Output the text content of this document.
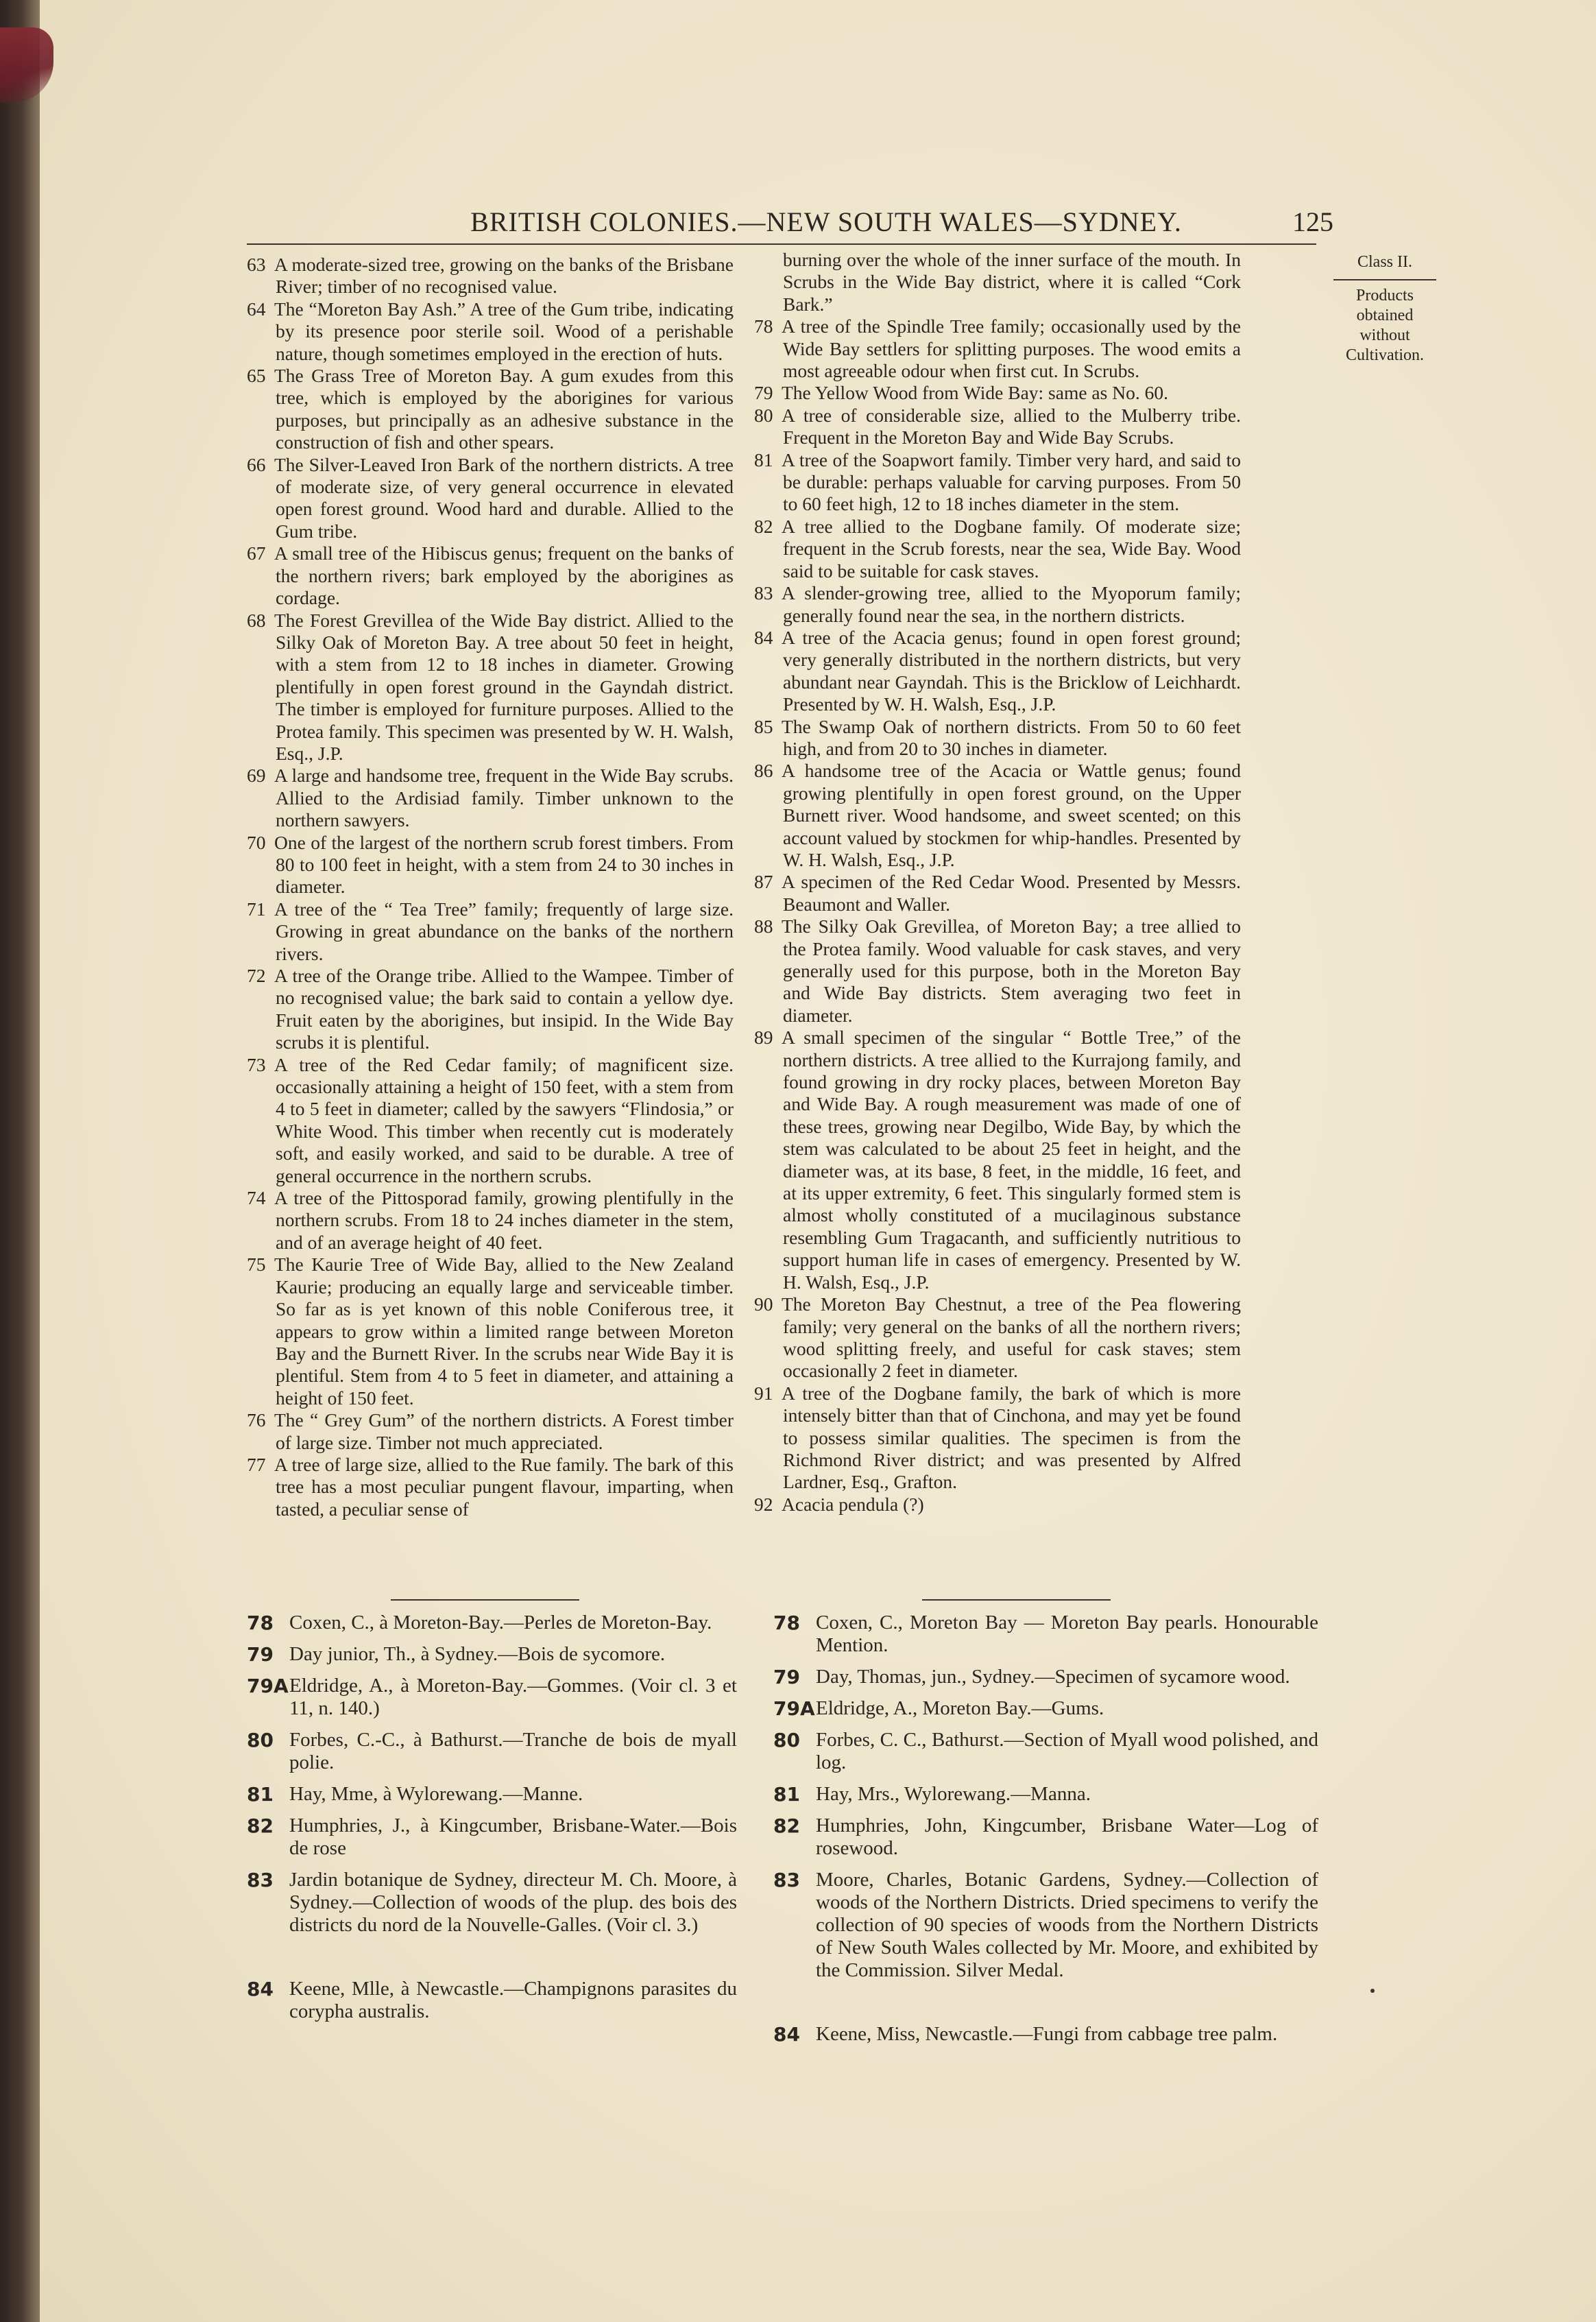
BRITISH COLONIES.—NEW SOUTH WALES—SYDNEY.	125
Class II.
Products
obtained
without
Cultivation.

63 A moderate-sized tree, growing on the banks of the Brisbane River; timber of no recognised value.

64 The “Moreton Bay Ash.” A tree of the Gum tribe, indicating by its presence poor sterile soil. Wood of a perishable nature, though sometimes employed in the erection of huts.

65 The Grass Tree of Moreton Bay. A gum exudes from this tree, which is employed by the aborigines for various purposes, but principally as an adhesive substance in the construction of fish and other spears.

66 The Silver-Leaved Iron Bark of the northern districts. A tree of moderate size, of very general occurrence in elevated open forest ground. Wood hard and durable. Allied to the Gum tribe.

67 A small tree of the Hibiscus genus; frequent on the banks of the northern rivers; bark employed by the aborigines as cordage.

68 The Forest Grevillea of the Wide Bay district. Allied to the Silky Oak of Moreton Bay. A tree about 50 feet in height, with a stem from 12 to 18 inches in diameter. Growing plentifully in open forest ground in the Gayndah district. The timber is employed for furniture purposes. Allied to the Protea family. This specimen was presented by W. H. Walsh, Esq., J.P.

69 A large and handsome tree, frequent in the Wide Bay scrubs. Allied to the Ardisiad family. Timber unknown to the northern sawyers.

70 One of the largest of the northern scrub forest timbers. From 80 to 100 feet in height, with a stem from 24 to 30 inches in diameter.

71 A tree of the “ Tea Tree” family; frequently of large size. Growing in great abundance on the banks of the northern rivers.

72 A tree of the Orange tribe. Allied to the Wampee. Timber of no recognised value; the bark said to contain a yellow dye. Fruit eaten by the aborigines, but insipid. In the Wide Bay scrubs it is plentiful.

73 A tree of the Red Cedar family; of magnificent size. occasionally attaining a height of 150 feet, with a stem from 4 to 5 feet in diameter; called by the sawyers “Flindosia,” or White Wood. This timber when recently cut is moderately soft, and easily worked, and said to be durable. A tree of general occurrence in the northern scrubs.

74 A tree of the Pittosporad family, growing plentifully in the northern scrubs. From 18 to 24 inches diameter in the stem, and of an average height of 40 feet.

75 The Kaurie Tree of Wide Bay, allied to the New Zealand Kaurie; producing an equally large and serviceable timber. So far as is yet known of this noble Coniferous tree, it appears to grow within a limited range between Moreton Bay and the Burnett River. In the scrubs near Wide Bay it is plentiful. Stem from 4 to 5 feet in diameter, and attaining a height of 150 feet.

76 The “ Grey Gum” of the northern districts. A Forest timber of large size. Timber not much appreciated.

77 A tree of large size, allied to the Rue family. The bark of this tree has a most peculiar pungent flavour, imparting, when tasted, a peculiar sense of

burning over the whole of the inner surface of the mouth. In Scrubs in the Wide Bay district, where it is called “Cork Bark.”

78 A tree of the Spindle Tree family; occasionally used by the Wide Bay settlers for splitting purposes. The wood emits a most agreeable odour when first cut. In Scrubs.

79 The Yellow Wood from Wide Bay: same as No. 60.

80 A tree of considerable size, allied to the Mulberry tribe. Frequent in the Moreton Bay and Wide Bay Scrubs.

81 A tree of the Soapwort family. Timber very hard, and said to be durable: perhaps valuable for carving purposes. From 50 to 60 feet high, 12 to 18 inches diameter in the stem.

82 A tree allied to the Dogbane family. Of moderate size; frequent in the Scrub forests, near the sea, Wide Bay. Wood said to be suitable for cask staves.

83 A slender-growing tree, allied to the Myoporum family; generally found near the sea, in the northern districts.

84 A tree of the Acacia genus; found in open forest ground; very generally distributed in the northern districts, but very abundant near Gayndah. This is the Bricklow of Leichhardt. Presented by W. H. Walsh, Esq., J.P.

85 The Swamp Oak of northern districts. From 50 to 60 feet high, and from 20 to 30 inches in diameter.

86 A handsome tree of the Acacia or Wattle genus; found growing plentifully in open forest ground, on the Upper Burnett river. Wood handsome, and sweet scented; on this account valued by stockmen for whip-handles. Presented by W. H. Walsh, Esq., J.P.

87 A specimen of the Red Cedar Wood. Presented by Messrs. Beaumont and Waller.

88 The Silky Oak Grevillea, of Moreton Bay; a tree allied to the Protea family. Wood valuable for cask staves, and very generally used for this purpose, both in the Moreton Bay and Wide Bay districts. Stem averaging two feet in diameter.

89 A small specimen of the singular “ Bottle Tree,” of the northern districts. A tree allied to the Kurrajong family, and found growing in dry rocky places, between Moreton Bay and Wide Bay. A rough measurement was made of one of these trees, growing near Degilbo, Wide Bay, by which the stem was calculated to be about 25 feet in height, and the diameter was, at its base, 8 feet, in the middle, 16 feet, and at its upper extremity, 6 feet. This singularly formed stem is almost wholly constituted of a mucilaginous substance resembling Gum Tragacanth, and sufficiently nutritious to support human life in cases of emergency. Presented by W. H. Walsh, Esq., J.P.

90 The Moreton Bay Chestnut, a tree of the Pea flowering family; very general on the banks of all the northern rivers; wood splitting freely, and useful for cask staves; stem occasionally 2 feet in diameter.

91 A tree of the Dogbane family, the bark of which is more intensely bitter than that of Cinchona, and may yet be found to possess similar qualities. The specimen is from the Richmond River district; and was presented by Alfred Lardner, Esq., Grafton.

92 Acacia pendula (?)

78 Coxen, C., à Moreton-Bay.—Perles de Moreton-Bay.
79 Day junior, Th., à Sydney.—Bois de sycomore.
79A Eldridge, A., à Moreton-Bay.—Gommes. (Voir cl. 3 et 11, n. 140.)
80 Forbes, C.-C., à Bathurst.—Tranche de bois de myall polie.
81 Hay, Mme, à Wylorewang.—Manne.
82 Humphries, J., à Kingcumber, Brisbane-Water.—Bois de rose
83 Jardin botanique de Sydney, directeur M. Ch. Moore, à Sydney.—Collection of woods of the plup. des bois des districts du nord de la Nouvelle-Galles. (Voir cl. 3.)
84 Keene, Mlle, à Newcastle.—Champignons parasites du corypha australis.
78 Coxen, C., Moreton Bay — Moreton Bay pearls. Honourable Mention.
79 Day, Thomas, jun., Sydney.—Specimen of sycamore wood.
79A Eldridge, A., Moreton Bay.—Gums.
80 Forbes, C. C., Bathurst.—Section of Myall wood polished, and log.
81 Hay, Mrs., Wylorewang.—Manna.
82 Humphries, John, Kingcumber, Brisbane Water—Log of rosewood.
83 Moore, Charles, Botanic Gardens, Sydney.—Collection of woods of the Northern Districts. Dried specimens to verify the collection of 90 species of woods from the Northern Districts of New South Wales collected by Mr. Moore, and exhibited by the Commission. Silver Medal.
84 Keene, Miss, Newcastle.—Fungi from cabbage tree palm.
